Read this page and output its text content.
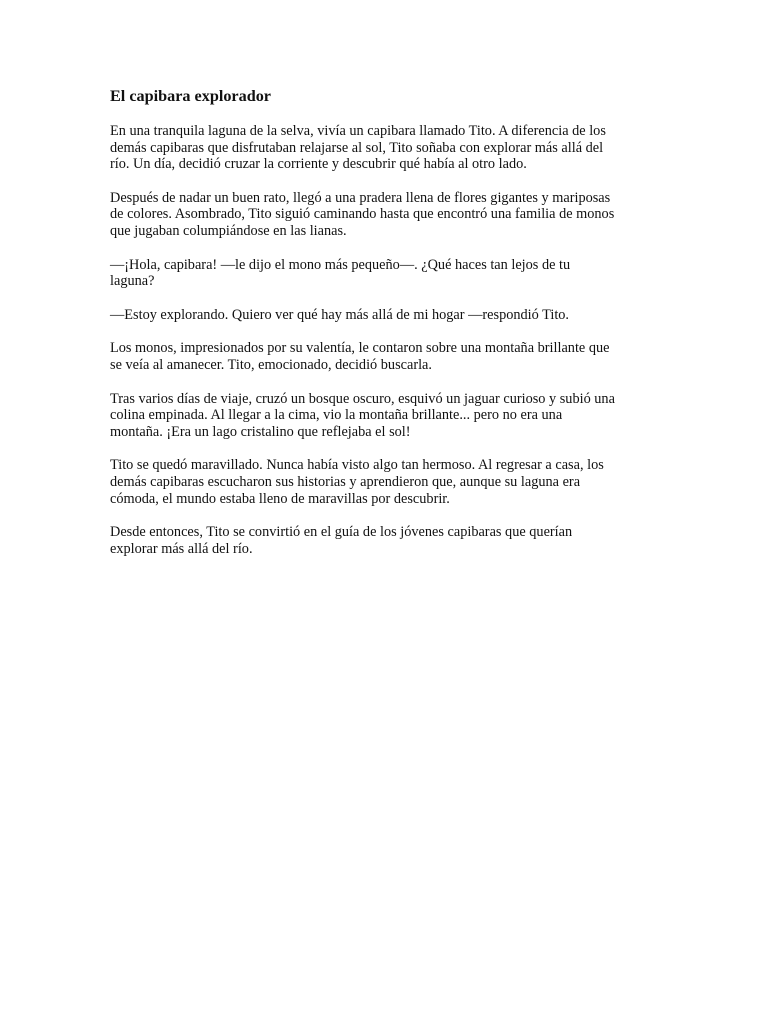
El capibara explorador

En una tranquila laguna de la selva, vivía un capibara llamado Tito. A diferencia de los
demás capibaras que disfrutaban relajarse al sol, Tito soñaba con explorar más allá del
río. Un día, decidió cruzar la corriente y descubrir qué había al otro lado.

Después de nadar un buen rato, llegó a una pradera llena de flores gigantes y mariposas
de colores. Asombrado, Tito siguió caminando hasta que encontró una familia de monos
que jugaban columpiándose en las lianas.

—¡Hola, capibara! —le dijo el mono más pequeño—. ¿Qué haces tan lejos de tu
laguna?

—Estoy explorando. Quiero ver qué hay más allá de mi hogar —respondió Tito.

Los monos, impresionados por su valentía, le contaron sobre una montaña brillante que
se veía al amanecer. Tito, emocionado, decidió buscarla.

Tras varios días de viaje, cruzó un bosque oscuro, esquivó un jaguar curioso y subió una
colina empinada. Al llegar a la cima, vio la montaña brillante... pero no era una
montaña. ¡Era un lago cristalino que reflejaba el sol!

Tito se quedó maravillado. Nunca había visto algo tan hermoso. Al regresar a casa, los
demás capibaras escucharon sus historias y aprendieron que, aunque su laguna era
cómoda, el mundo estaba lleno de maravillas por descubrir.

Desde entonces, Tito se convirtió en el guía de los jóvenes capibaras que querían
explorar más allá del río.
